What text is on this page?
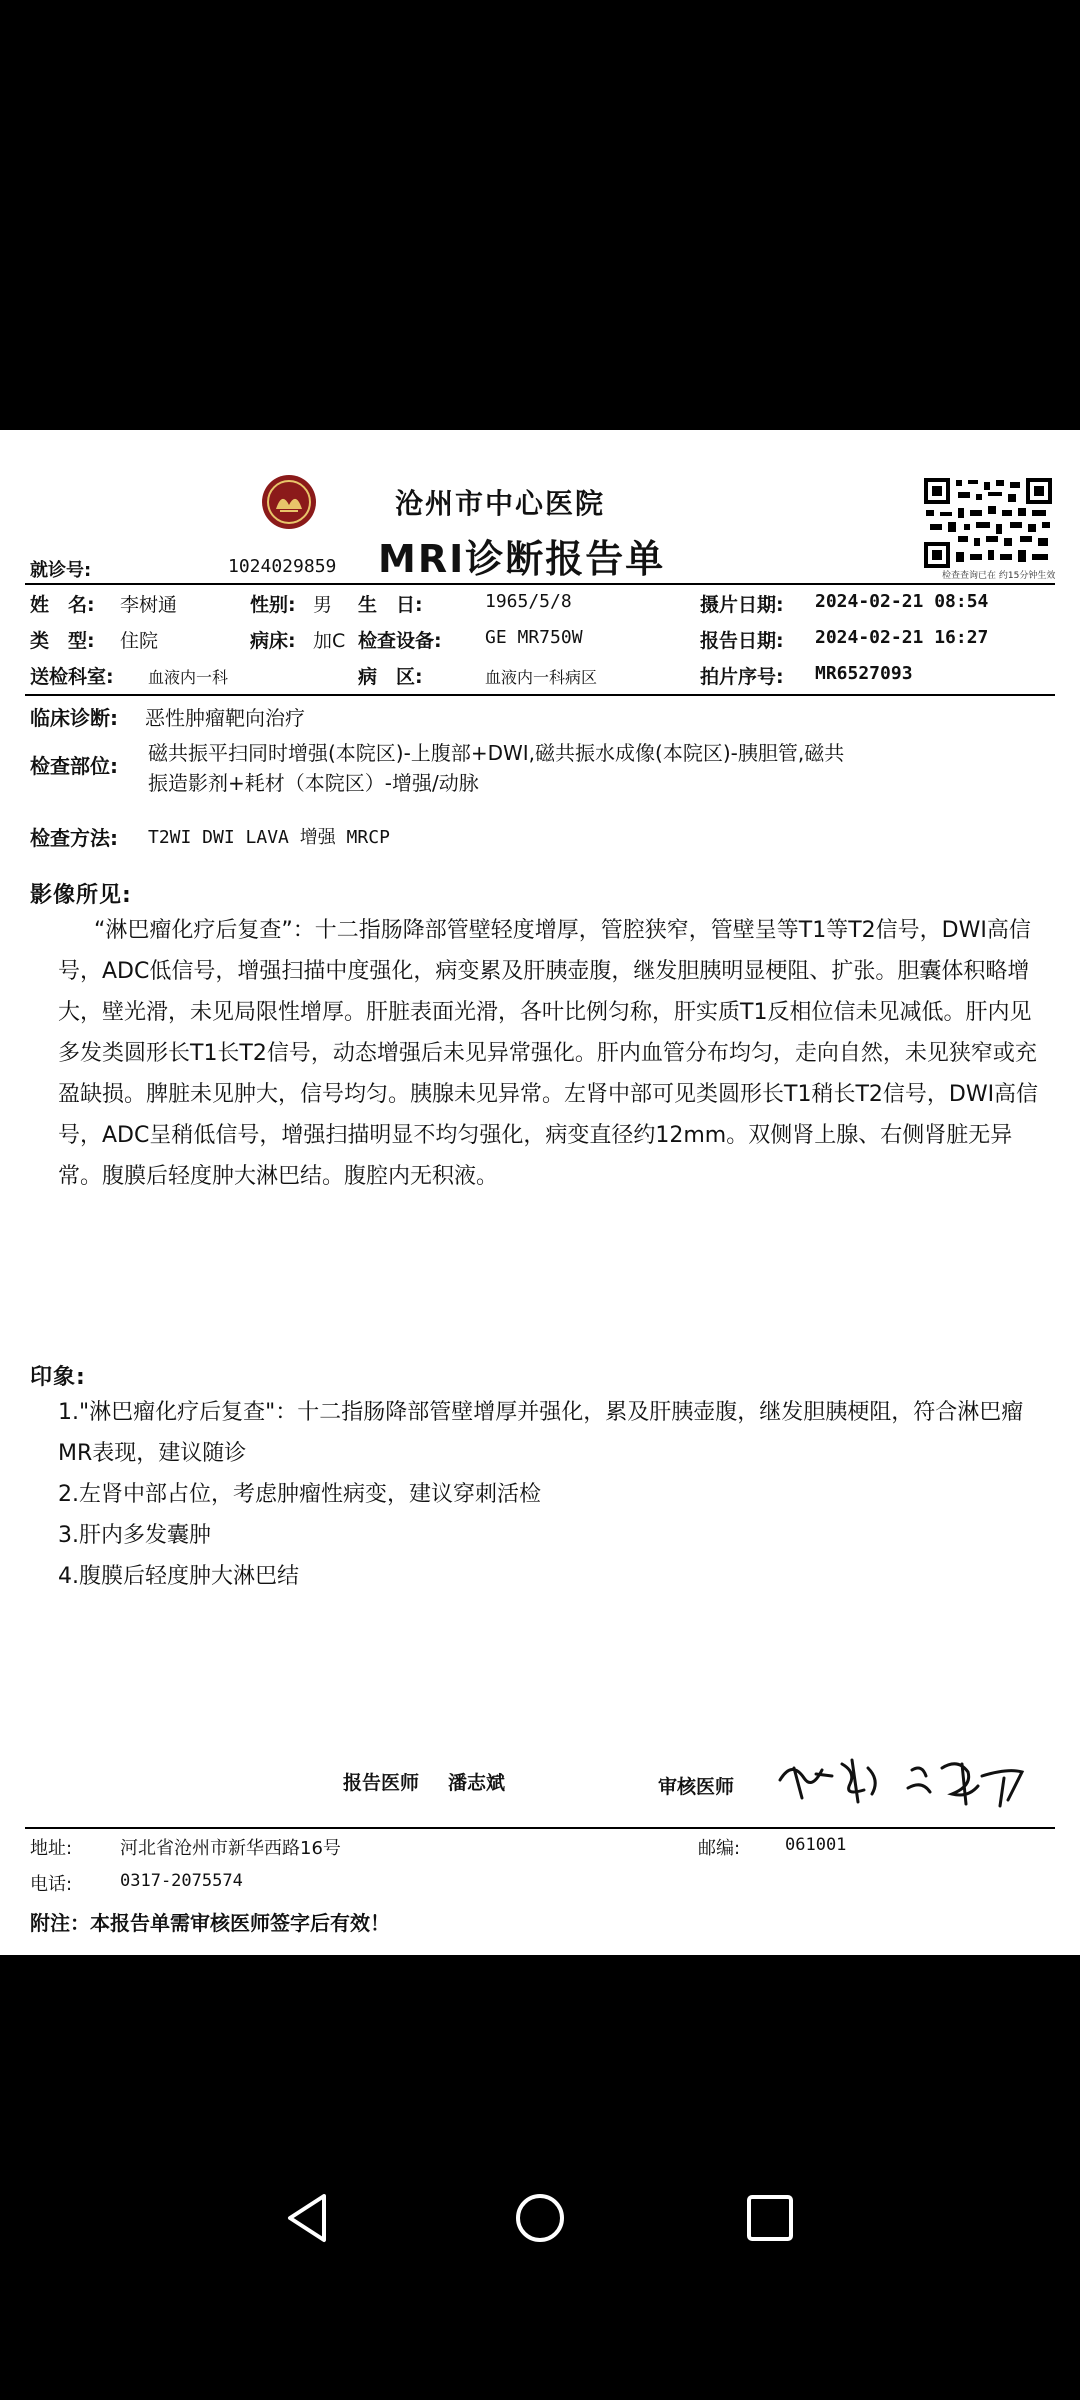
沧州市中心医院
MRI诊断报告单	检查查询已在 约15分钟生效
就诊号:	1024029859
姓　名: 李树通	性别: 男 生　日:	1965/5/8	摄片日期: 2024-02-21 08:54
类　型: 住院	病床: 加C 检查设备: GE MR750W	报告日期: 2024-02-21 16:27
送检科室: 血液内一科	病　区:	血液内一科病区	拍片序号: MR6527093
临床诊断: 恶性肿瘤靶向治疗
检查部位:
磁共振平扫同时增强(本院区)-上腹部+DWI,磁共振水成像(本院区)-胰胆管,磁共
振造影剂+耗材（本院区）-增强/动脉
检查方法: T2WI DWI LAVA 增强 MRCP
影像所见:
“淋巴瘤化疗后复查”：十二指肠降部管壁轻度增厚，管腔狭窄，管壁呈等T1等T2信号，DWI高信号，ADC低信号，增强扫描中度强化，病变累及肝胰壶腹，继发胆胰明显梗阻、扩张。胆囊体积略增大，壁光滑，未见局限性增厚。肝脏表面光滑，各叶比例匀称，肝实质T1反相位信未见减低。肝内见多发类圆形长T1长T2信号，动态增强后未见异常强化。肝内血管分布均匀，走向自然，未见狭窄或充盈缺损。脾脏未见肿大，信号均匀。胰腺未见异常。左肾中部可见类圆形长T1稍长T2信号，DWI高信号，ADC呈稍低信号，增强扫描明显不均匀强化，病变直径约12mm。双侧肾上腺、右侧肾脏无异常。腹膜后轻度肿大淋巴结。腹腔内无积液。
印象:

1."淋巴瘤化疗后复查"：十二指肠降部管壁增厚并强化，累及肝胰壶腹，继发胆胰梗阻，符合淋巴瘤MR表现，建议随诊

2.左肾中部占位，考虑肿瘤性病变，建议穿刺活检

3.肝内多发囊肿

4.腹膜后轻度肿大淋巴结

报告医师 潘志斌	审核医师
地址:	河北省沧州市新华西路16号	邮编:	061001
电话:	0317-2075574
附注：本报告单需审核医师签字后有效！
